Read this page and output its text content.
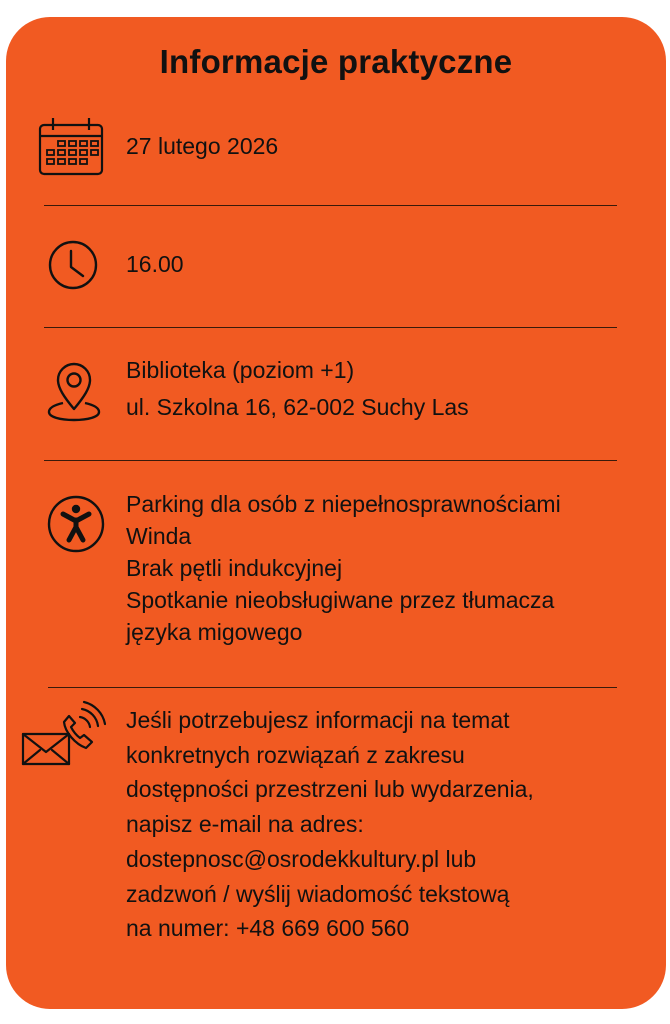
Informacje praktyczne
27 lutego 2026
16.00
Biblioteka (poziom +1)
ul. Szkolna 16, 62-002 Suchy Las
Parking dla osób z niepełnosprawnościami
Winda
Brak pętli indukcyjnej
Spotkanie nieobsługiwane przez tłumacza
języka migowego
Jeśli potrzebujesz informacji na temat
konkretnych rozwiązań z zakresu
dostępności przestrzeni lub wydarzenia,
napisz e-mail na adres:
dostepnosc@osrodekkultury.pl lub
zadzwoń / wyślij wiadomość tekstową
na numer: +48 669 600 560
